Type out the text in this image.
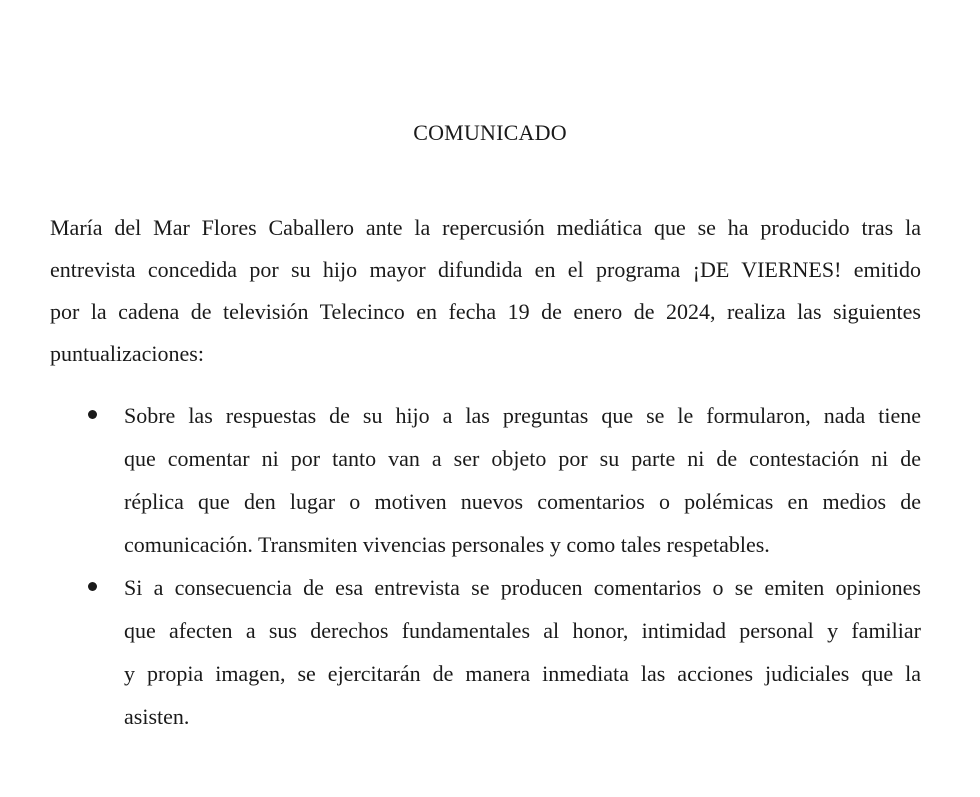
COMUNICADO

María del Mar Flores Caballero ante la repercusión mediática que se ha producido tras la
entrevista concedida por su hijo mayor difundida en el programa ¡DE VIERNES! emitido
por la cadena de televisión Telecinco en fecha 19 de enero de 2024, realiza las siguientes
puntualizaciones:

Sobre las respuestas de su hijo a las preguntas que se le formularon, nada tiene
que comentar ni por tanto van a ser objeto por su parte ni de contestación ni de
réplica que den lugar o motiven nuevos comentarios o polémicas en medios de
comunicación. Transmiten vivencias personales y como tales respetables.
Si a consecuencia de esa entrevista se producen comentarios o se emiten opiniones
que afecten a sus derechos fundamentales al honor, intimidad personal y familiar
y propia imagen, se ejercitarán de manera inmediata las acciones judiciales que la
asisten.
